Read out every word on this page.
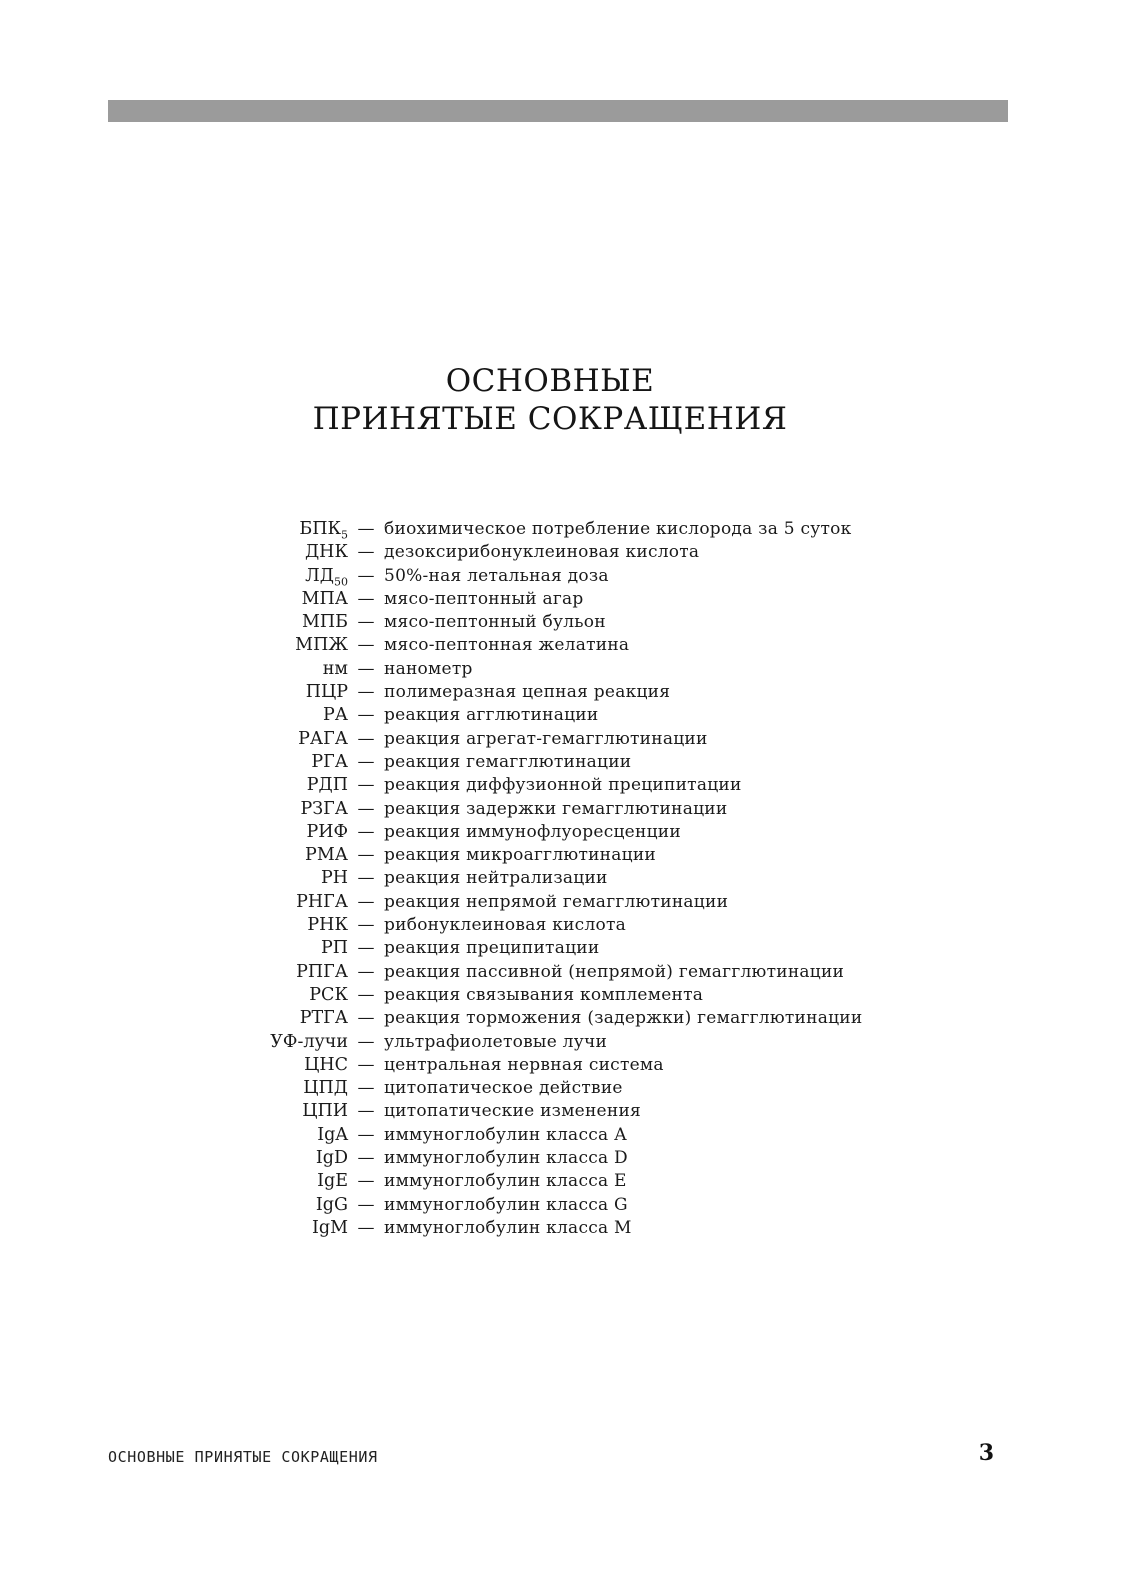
ОСНОВНЫЕ
ПРИНЯТЫЕ СОКРАЩЕНИЯ
$БПК_5$ — биохимическое потребление кислорода за 5 суток
ДНК — дезоксирибонуклеиновая кислота
$ЛД_{50}$ — 50%-ная летальная доза
МПА — мясо-пептонный агар
МПБ — мясо-пептонный бульон
МПЖ — мясо-пептонная желатина
нм — нанометр
ПЦР — полимеразная цепная реакция
РА — реакция агглютинации
РАГА — реакция агрегат-гемагглютинации
РГА — реакция гемагглютинации
РДП — реакция диффузионной преципитации
РЗГА — реакция задержки гемагглютинации
РИФ — реакция иммунофлуоресценции
РМА — реакция микроагглютинации
РН — реакция нейтрализации
РНГА — реакция непрямой гемагглютинации
РНК — рибонуклеиновая кислота
РП — реакция преципитации
РПГА — реакция пассивной (непрямой) гемагглютинации
РСК — реакция связывания комплемента
РТГА — реакция торможения (задержки) гемагглютинации
УФ-лучи — ультрафиолетовые лучи
ЦНС — центральная нервная система
ЦПД — цитопатическое действие
ЦПИ — цитопатические изменения
IgA — иммуноглобулин класса А
IgD — иммуноглобулин класса D
IgE — иммуноглобулин класса Е
IgG — иммуноглобулин класса G
IgM — иммуноглобулин класса М
ОСНОВНЫЕ ПРИНЯТЫЕ СОКРАЩЕНИЯ	3
